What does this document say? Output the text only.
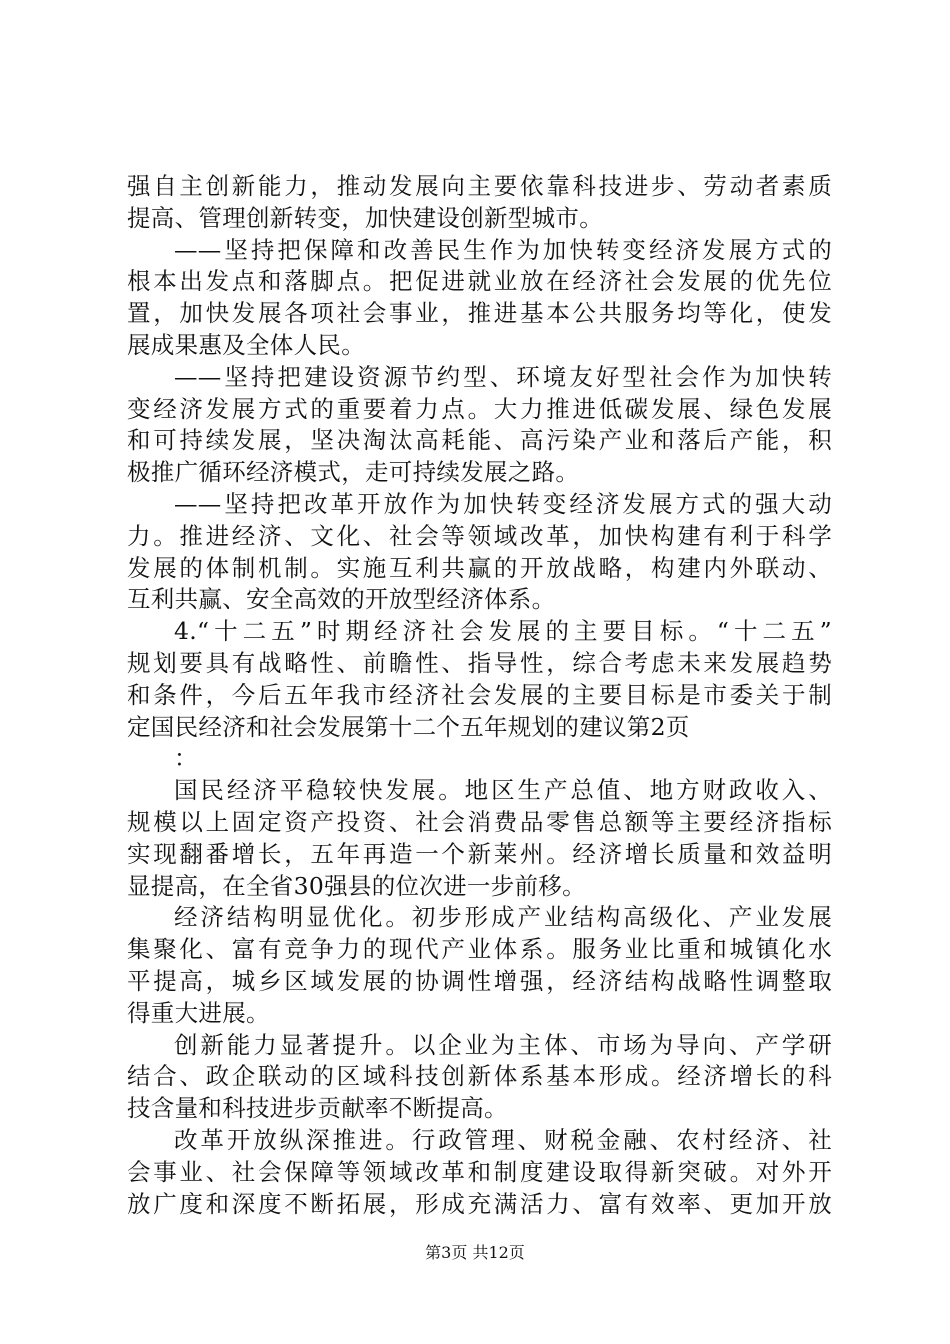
强自主创新能力，推动发展向主要依靠科技进步、劳动者素质
提高、管理创新转变，加快建设创新型城市。
——坚持把保障和改善民生作为加快转变经济发展方式的
根本出发点和落脚点。把促进就业放在经济社会发展的优先位
置，加快发展各项社会事业，推进基本公共服务均等化，使发
展成果惠及全体人民。
——坚持把建设资源节约型、环境友好型社会作为加快转
变经济发展方式的重要着力点。大力推进低碳发展、绿色发展
和可持续发展，坚决淘汰高耗能、高污染产业和落后产能，积
极推广循环经济模式，走可持续发展之路。
——坚持把改革开放作为加快转变经济发展方式的强大动
力。推进经济、文化、社会等领域改革，加快构建有利于科学
发展的体制机制。实施互利共赢的开放战略，构建内外联动、
互利共赢、安全高效的开放型经济体系。
4.“十二五”时期经济社会发展的主要目标。“十二五”
规划要具有战略性、前瞻性、指导性，综合考虑未来发展趋势
和条件，今后五年我市经济社会发展的主要目标是市委关于制
定国民经济和社会发展第十二个五年规划的建议第2页
：
国民经济平稳较快发展。地区生产总值、地方财政收入、
规模以上固定资产投资、社会消费品零售总额等主要经济指标
实现翻番增长，五年再造一个新莱州。经济增长质量和效益明
显提高，在全省30强县的位次进一步前移。
经济结构明显优化。初步形成产业结构高级化、产业发展
集聚化、富有竞争力的现代产业体系。服务业比重和城镇化水
平提高，城乡区域发展的协调性增强，经济结构战略性调整取
得重大进展。
创新能力显著提升。以企业为主体、市场为导向、产学研
结合、政企联动的区域科技创新体系基本形成。经济增长的科
技含量和科技进步贡献率不断提高。
改革开放纵深推进。行政管理、财税金融、农村经济、社
会事业、社会保障等领域改革和制度建设取得新突破。对外开
放广度和深度不断拓展，形成充满活力、富有效率、更加开放
第3页 共12页
